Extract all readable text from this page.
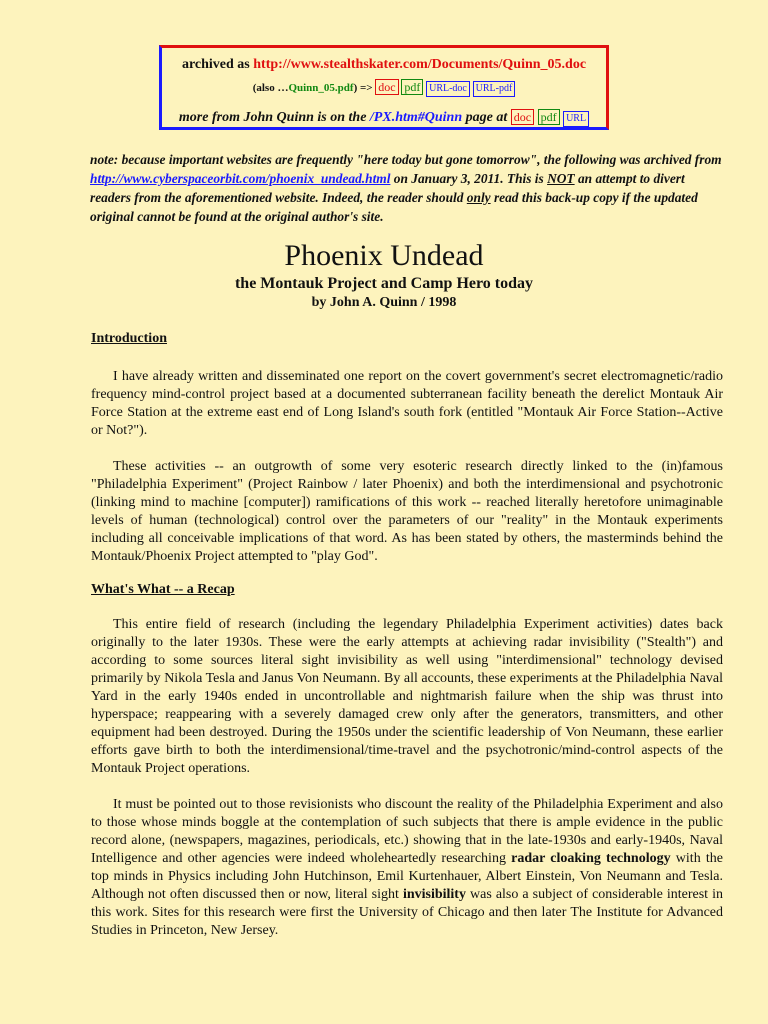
archived as http://www.stealthskater.com/Documents/Quinn_05.doc
(also …Quinn_05.pdf) => doc pdf URL-doc URL-pdf
more from John Quinn is on the /PX.htm#Quinn page at doc pdf URL
note: because important websites are frequently "here today but gone tomorrow", the following was archived from http://www.cyberspaceorbit.com/phoenix_undead.html on January 3, 2011. This is NOT an attempt to divert readers from the aforementioned website. Indeed, the reader should only read this back-up copy if the updated original cannot be found at the original author's site.
Phoenix Undead
the Montauk Project and Camp Hero today
by John A. Quinn / 1998
Introduction
I have already written and disseminated one report on the covert government's secret electromagnetic/radio frequency mind-control project based at a documented subterranean facility beneath the derelict Montauk Air Force Station at the extreme east end of Long Island's south fork (entitled "Montauk Air Force Station--Active or Not?").
These activities -- an outgrowth of some very esoteric research directly linked to the (in)famous "Philadelphia Experiment" (Project Rainbow / later Phoenix) and both the interdimensional and psychotronic (linking mind to machine [computer]) ramifications of this work -- reached literally heretofore unimaginable levels of human (technological) control over the parameters of our "reality" in the Montauk experiments including all conceivable implications of that word. As has been stated by others, the masterminds behind the Montauk/Phoenix Project attempted to "play God".
What's What -- a Recap
This entire field of research (including the legendary Philadelphia Experiment activities) dates back originally to the later 1930s. These were the early attempts at achieving radar invisibility ("Stealth") and according to some sources literal sight invisibility as well using "interdimensional" technology devised primarily by Nikola Tesla and Janus Von Neumann. By all accounts, these experiments at the Philadelphia Naval Yard in the early 1940s ended in uncontrollable and nightmarish failure when the ship was thrust into hyperspace; reappearing with a severely damaged crew only after the generators, transmitters, and other equipment had been destroyed. During the 1950s under the scientific leadership of Von Neumann, these earlier efforts gave birth to both the interdimensional/time-travel and the psychotronic/mind-control aspects of the Montauk Project operations.
It must be pointed out to those revisionists who discount the reality of the Philadelphia Experiment and also to those whose minds boggle at the contemplation of such subjects that there is ample evidence in the public record alone, (newspapers, magazines, periodicals, etc.) showing that in the late-1930s and early-1940s, Naval Intelligence and other agencies were indeed wholeheartedly researching radar cloaking technology with the top minds in Physics including John Hutchinson, Emil Kurtenhauer, Albert Einstein, Von Neumann and Tesla. Although not often discussed then or now, literal sight invisibility was also a subject of considerable interest in this work. Sites for this research were first the University of Chicago and then later The Institute for Advanced Studies in Princeton, New Jersey.
